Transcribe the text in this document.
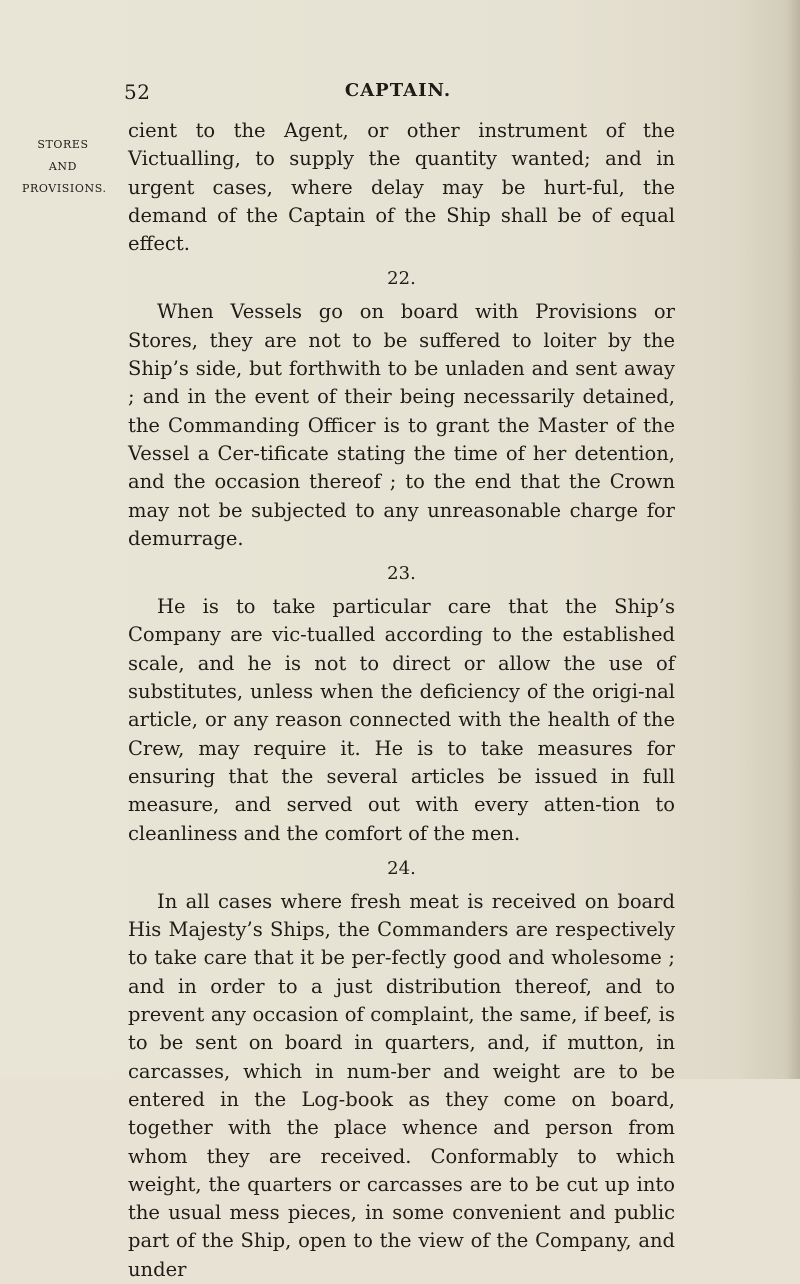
52	CAPTAIN.
STORES
AND
PROVISIONS.

cient to the Agent, or other instrument of the Victualling, to supply the quantity wanted; and in urgent cases, where delay may be hurt-ful, the demand of the Captain of the Ship shall be of equal effect.

22.

When Vessels go on board with Provisions or Stores, they are not to be suffered to loiter by the Ship’s side, but forthwith to be unladen and sent away ; and in the event of their being necessarily detained, the Commanding Officer is to grant the Master of the Vessel a Cer-tificate stating the time of her detention, and the occasion thereof ; to the end that the Crown may not be subjected to any unreasonable charge for demurrage.

23.

He is to take particular care that the Ship’s Company are vic-tualled according to the established scale, and he is not to direct or allow the use of substitutes, unless when the deficiency of the origi-nal article, or any reason connected with the health of the Crew, may require it. He is to take measures for ensuring that the several articles be issued in full measure, and served out with every atten-tion to cleanliness and the comfort of the men.

24.

In all cases where fresh meat is received on board His Majesty’s Ships, the Commanders are respectively to take care that it be per-fectly good and wholesome ; and in order to a just distribution thereof, and to prevent any occasion of complaint, the same, if beef, is to be sent on board in quarters, and, if mutton, in carcasses, which in num-ber and weight are to be entered in the Log-book as they come on board, together with the place whence and person from whom they are received. Conformably to which weight, the quarters or carcasses are to be cut up into the usual mess pieces, in some convenient and public part of the Ship, open to the view of the Company, and under
